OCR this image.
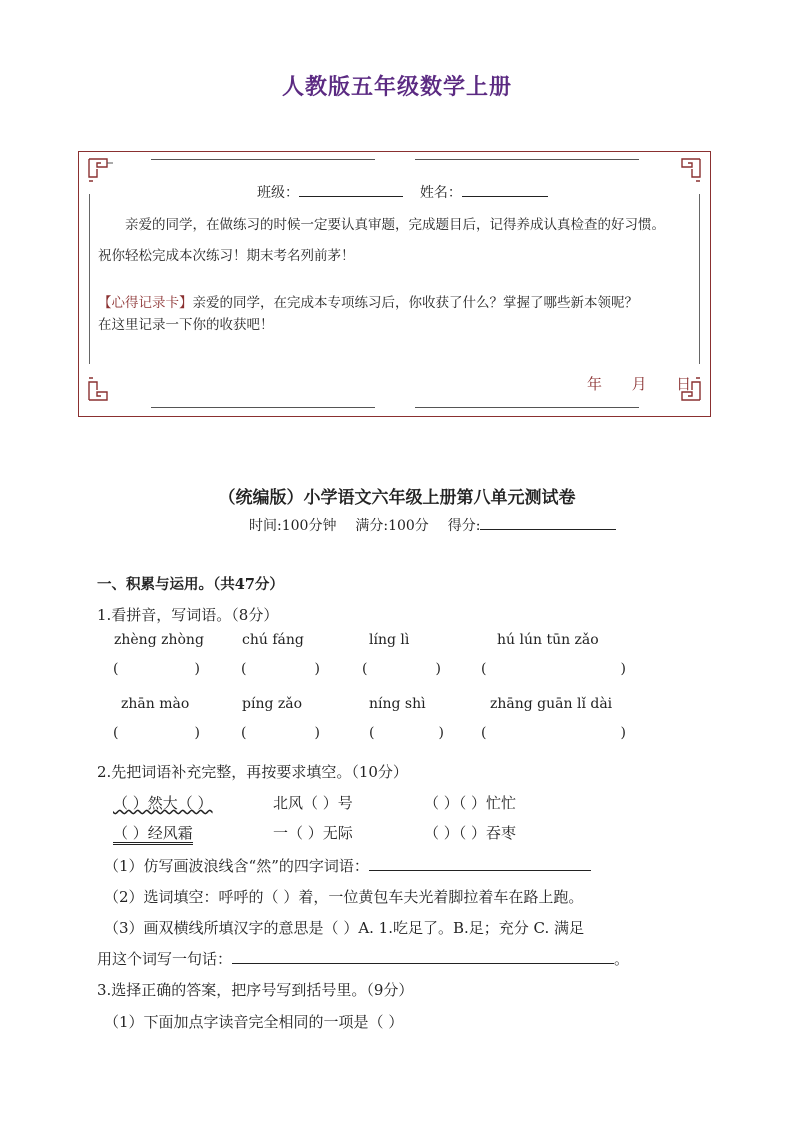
人教版五年级数学上册
班级：	姓名：
亲爱的同学，在做练习的时候一定要认真审题，完成题目后，记得养成认真检查的好习惯。
祝你轻松完成本次练习！期末考名列前茅！
【心得记录卡】亲爱的同学，在完成本专项练习后，你收获了什么？掌握了哪些新本领呢？
在这里记录一下你的收获吧！
年 月 日
（统编版）小学语文六年级上册第八单元测试卷
时间:100分钟 满分:100分 得分:
一、积累与运用。（共47分）
1.看拼音，写词语。（8分）
zhèng zhòng	chú fáng	líng lì	hú lún tūn zǎo
(	)	(	)	(	)	(	)
zhān mào	píng zǎo	níng shì	zhāng guān lǐ dài
(	)	(	)	(	)	(	)
2.先把词语补充完整，再按要求填空。（10分）
（ ）然大（ ）	北风（ ）号	（ ）（ ）忙忙
（ ）经风霜	一（ ）无际	（ ）（ ）吞枣
（1）仿写画波浪线含“然”的四字词语：
（2）选词填空：呼呼的（ ）着，一位黄包车夫光着脚拉着车在路上跑。
（3）画双横线所填汉字的意思是（ ）A. 1.吃足了。B.足；充分 C. 满足
用这个词写一句话：	。
3.选择正确的答案，把序号写到括号里。（9分）
（1）下面加点字读音完全相同的一项是（ ）
